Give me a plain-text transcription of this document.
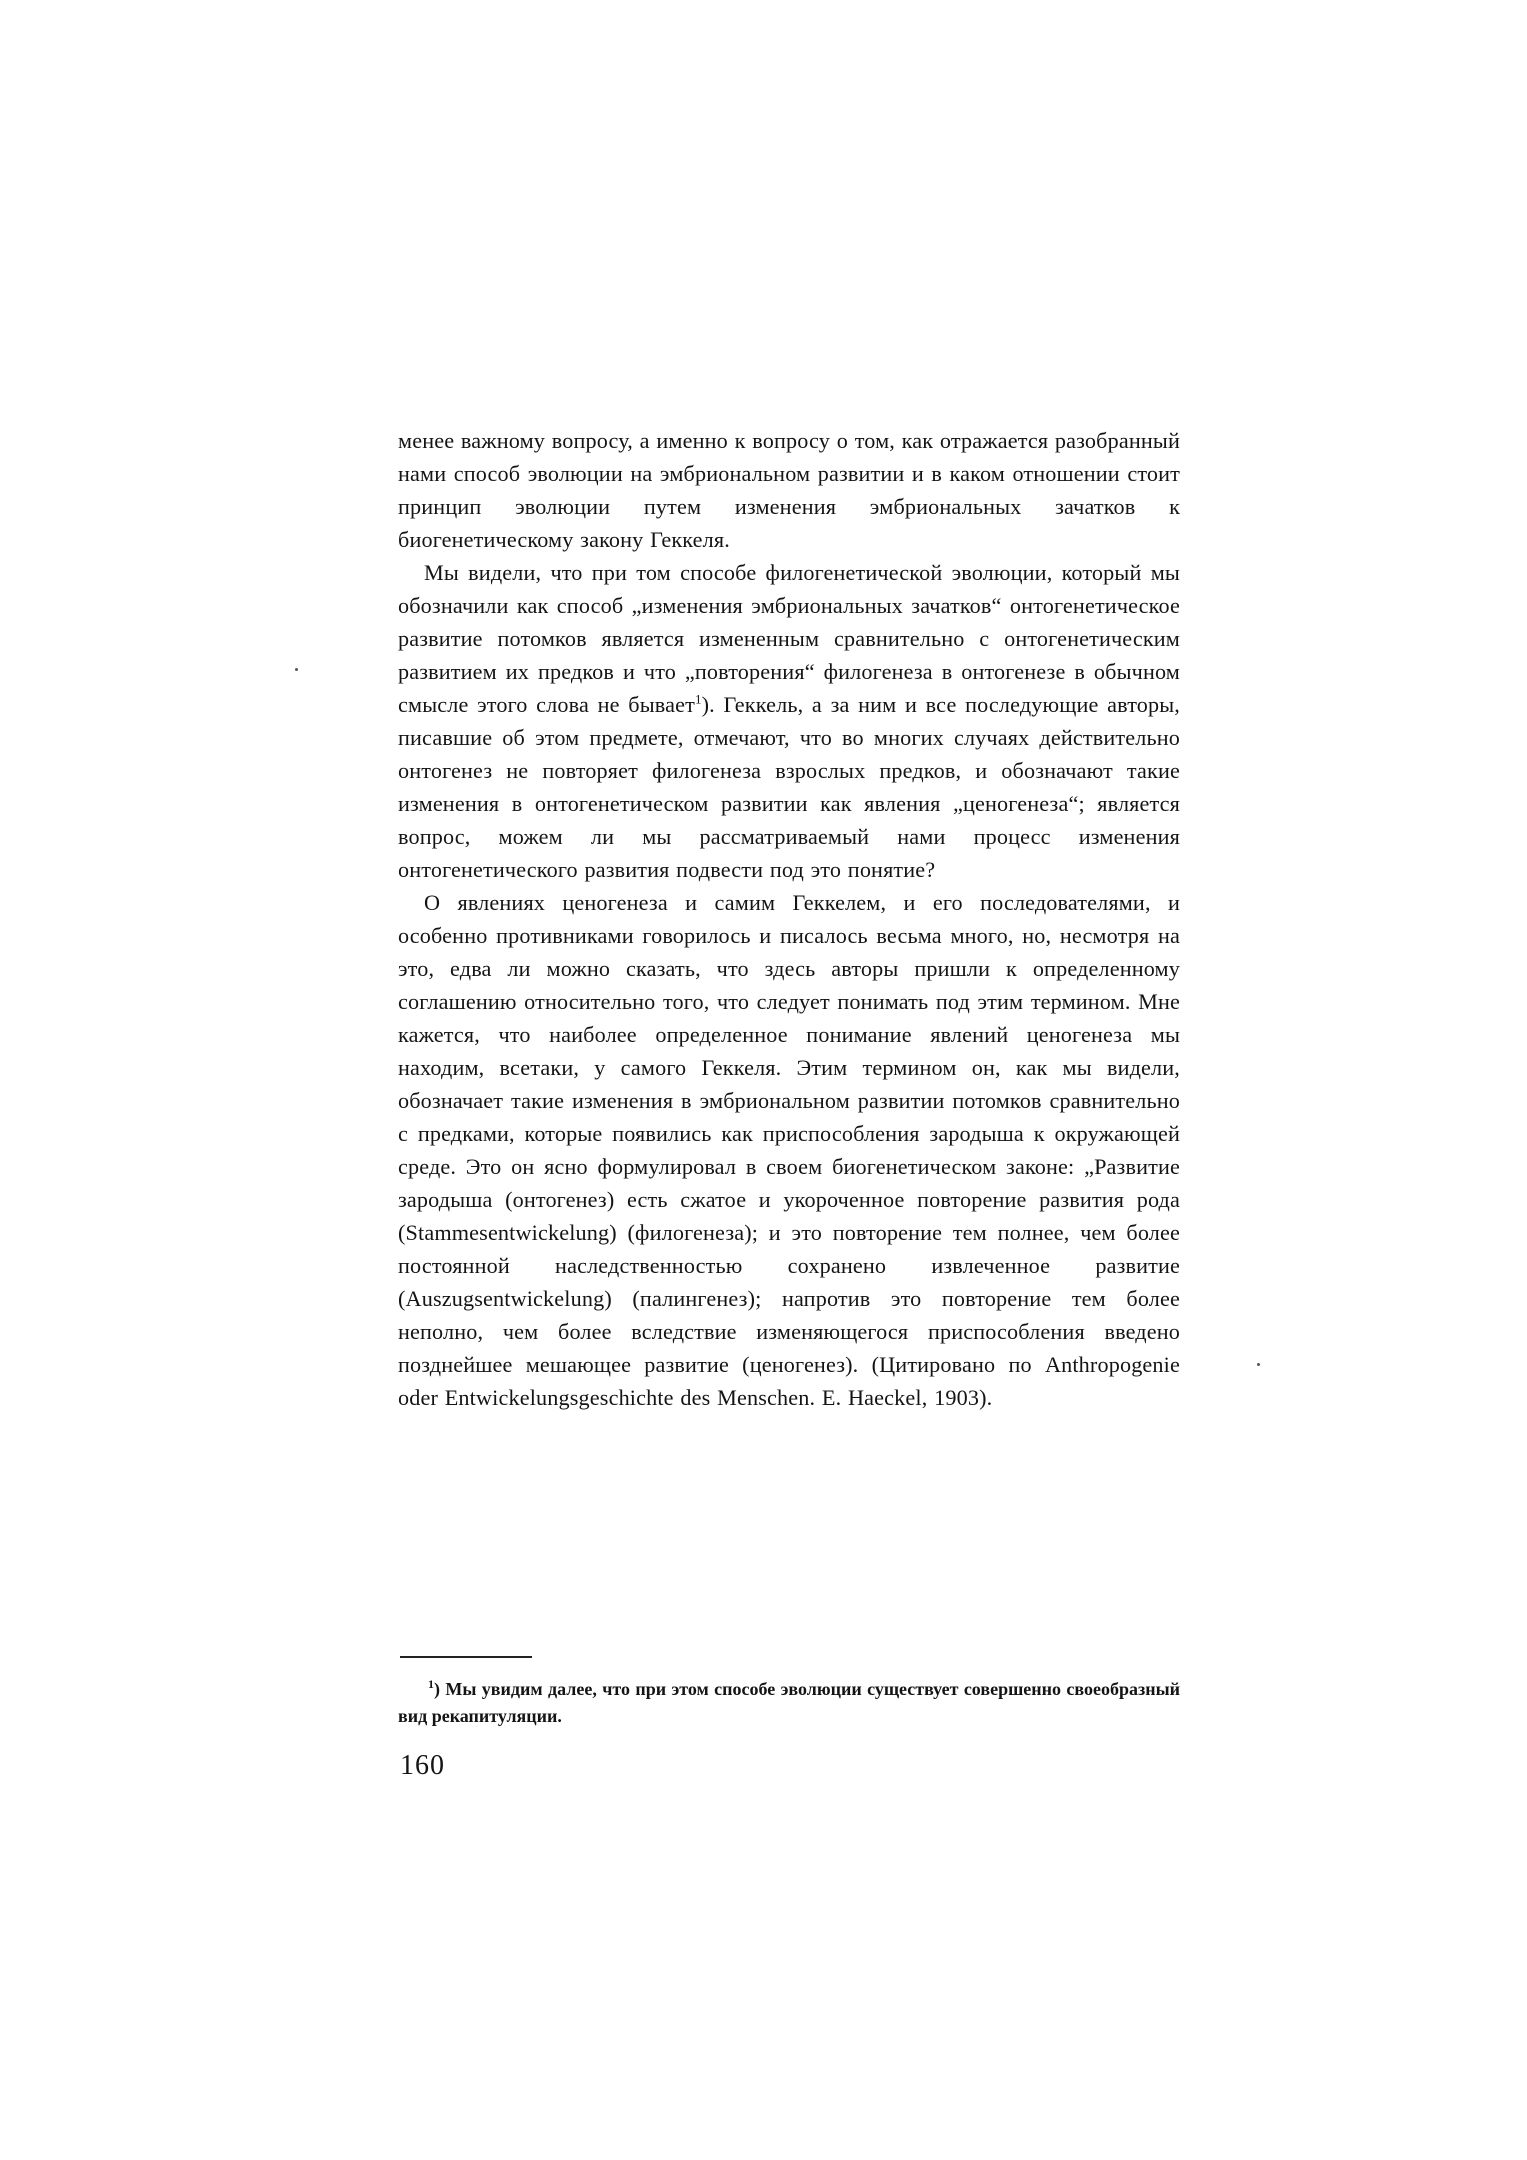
менее важному вопросу, а именно к вопросу о том, как отражается разобранный нами способ эволюции на эмбриональном развитии и в каком отношении стоит принцип эволюции путем изменения эмбриональных зачатков к биогенетическому закону Геккеля.

Мы видели, что при том способе филогенетической эволюции, который мы обозначили как способ „изменения эмбриональных зачатков“ онтогенетическое развитие потомков является измененным сравнительно с онтогенетическим развитием их предков и что „повторения“ филогенеза в онтогенезе в обычном смысле этого слова не бывает$^1$). Геккель, а за ним и все последующие авторы, писавшие об этом предмете, отмечают, что во многих случаях действительно онтогенез не повторяет филогенеза взрослых предков, и обозначают такие изменения в онтогенетическом развитии как явления „ценогенеза“; является вопрос, можем ли мы рассматриваемый нами процесс изменения онтогенетического развития подвести под это понятие?

О явлениях ценогенеза и самим Геккелем, и его последователями, и особенно противниками говорилось и писалось весьма много, но, несмотря на это, едва ли можно сказать, что здесь авторы пришли к определенному соглашению относительно того, что следует понимать под этим термином. Мне кажется, что наиболее определенное понимание явлений ценогенеза мы находим, всетаки, у самого Геккеля. Этим термином он, как мы видели, обозначает такие изменения в эмбриональном развитии потомков сравнительно с предками, которые появились как приспособления зародыша к окружающей среде. Это он ясно формулировал в своем биогенетическом законе: „Развитие зародыша (онтогенез) есть сжатое и укороченное повторение развития рода (Stammesentwickelung) (филогенеза); и это повторение тем полнее, чем более постоянной наследственностью сохранено извлеченное развитие (Auszugsentwickelung) (палингенез); напротив это повторение тем более неполно, чем более вследствие изменяющегося приспособления введено позднейшее мешающее развитие (ценогенез). (Цитировано по Anthropogenie oder Entwickelungsgeschichte des Menschen. E. Haeckel, 1903).

$^1$) Мы увидим далее, что при этом способе эволюции существует совершенно своеобразный вид рекапитуляции.
160
